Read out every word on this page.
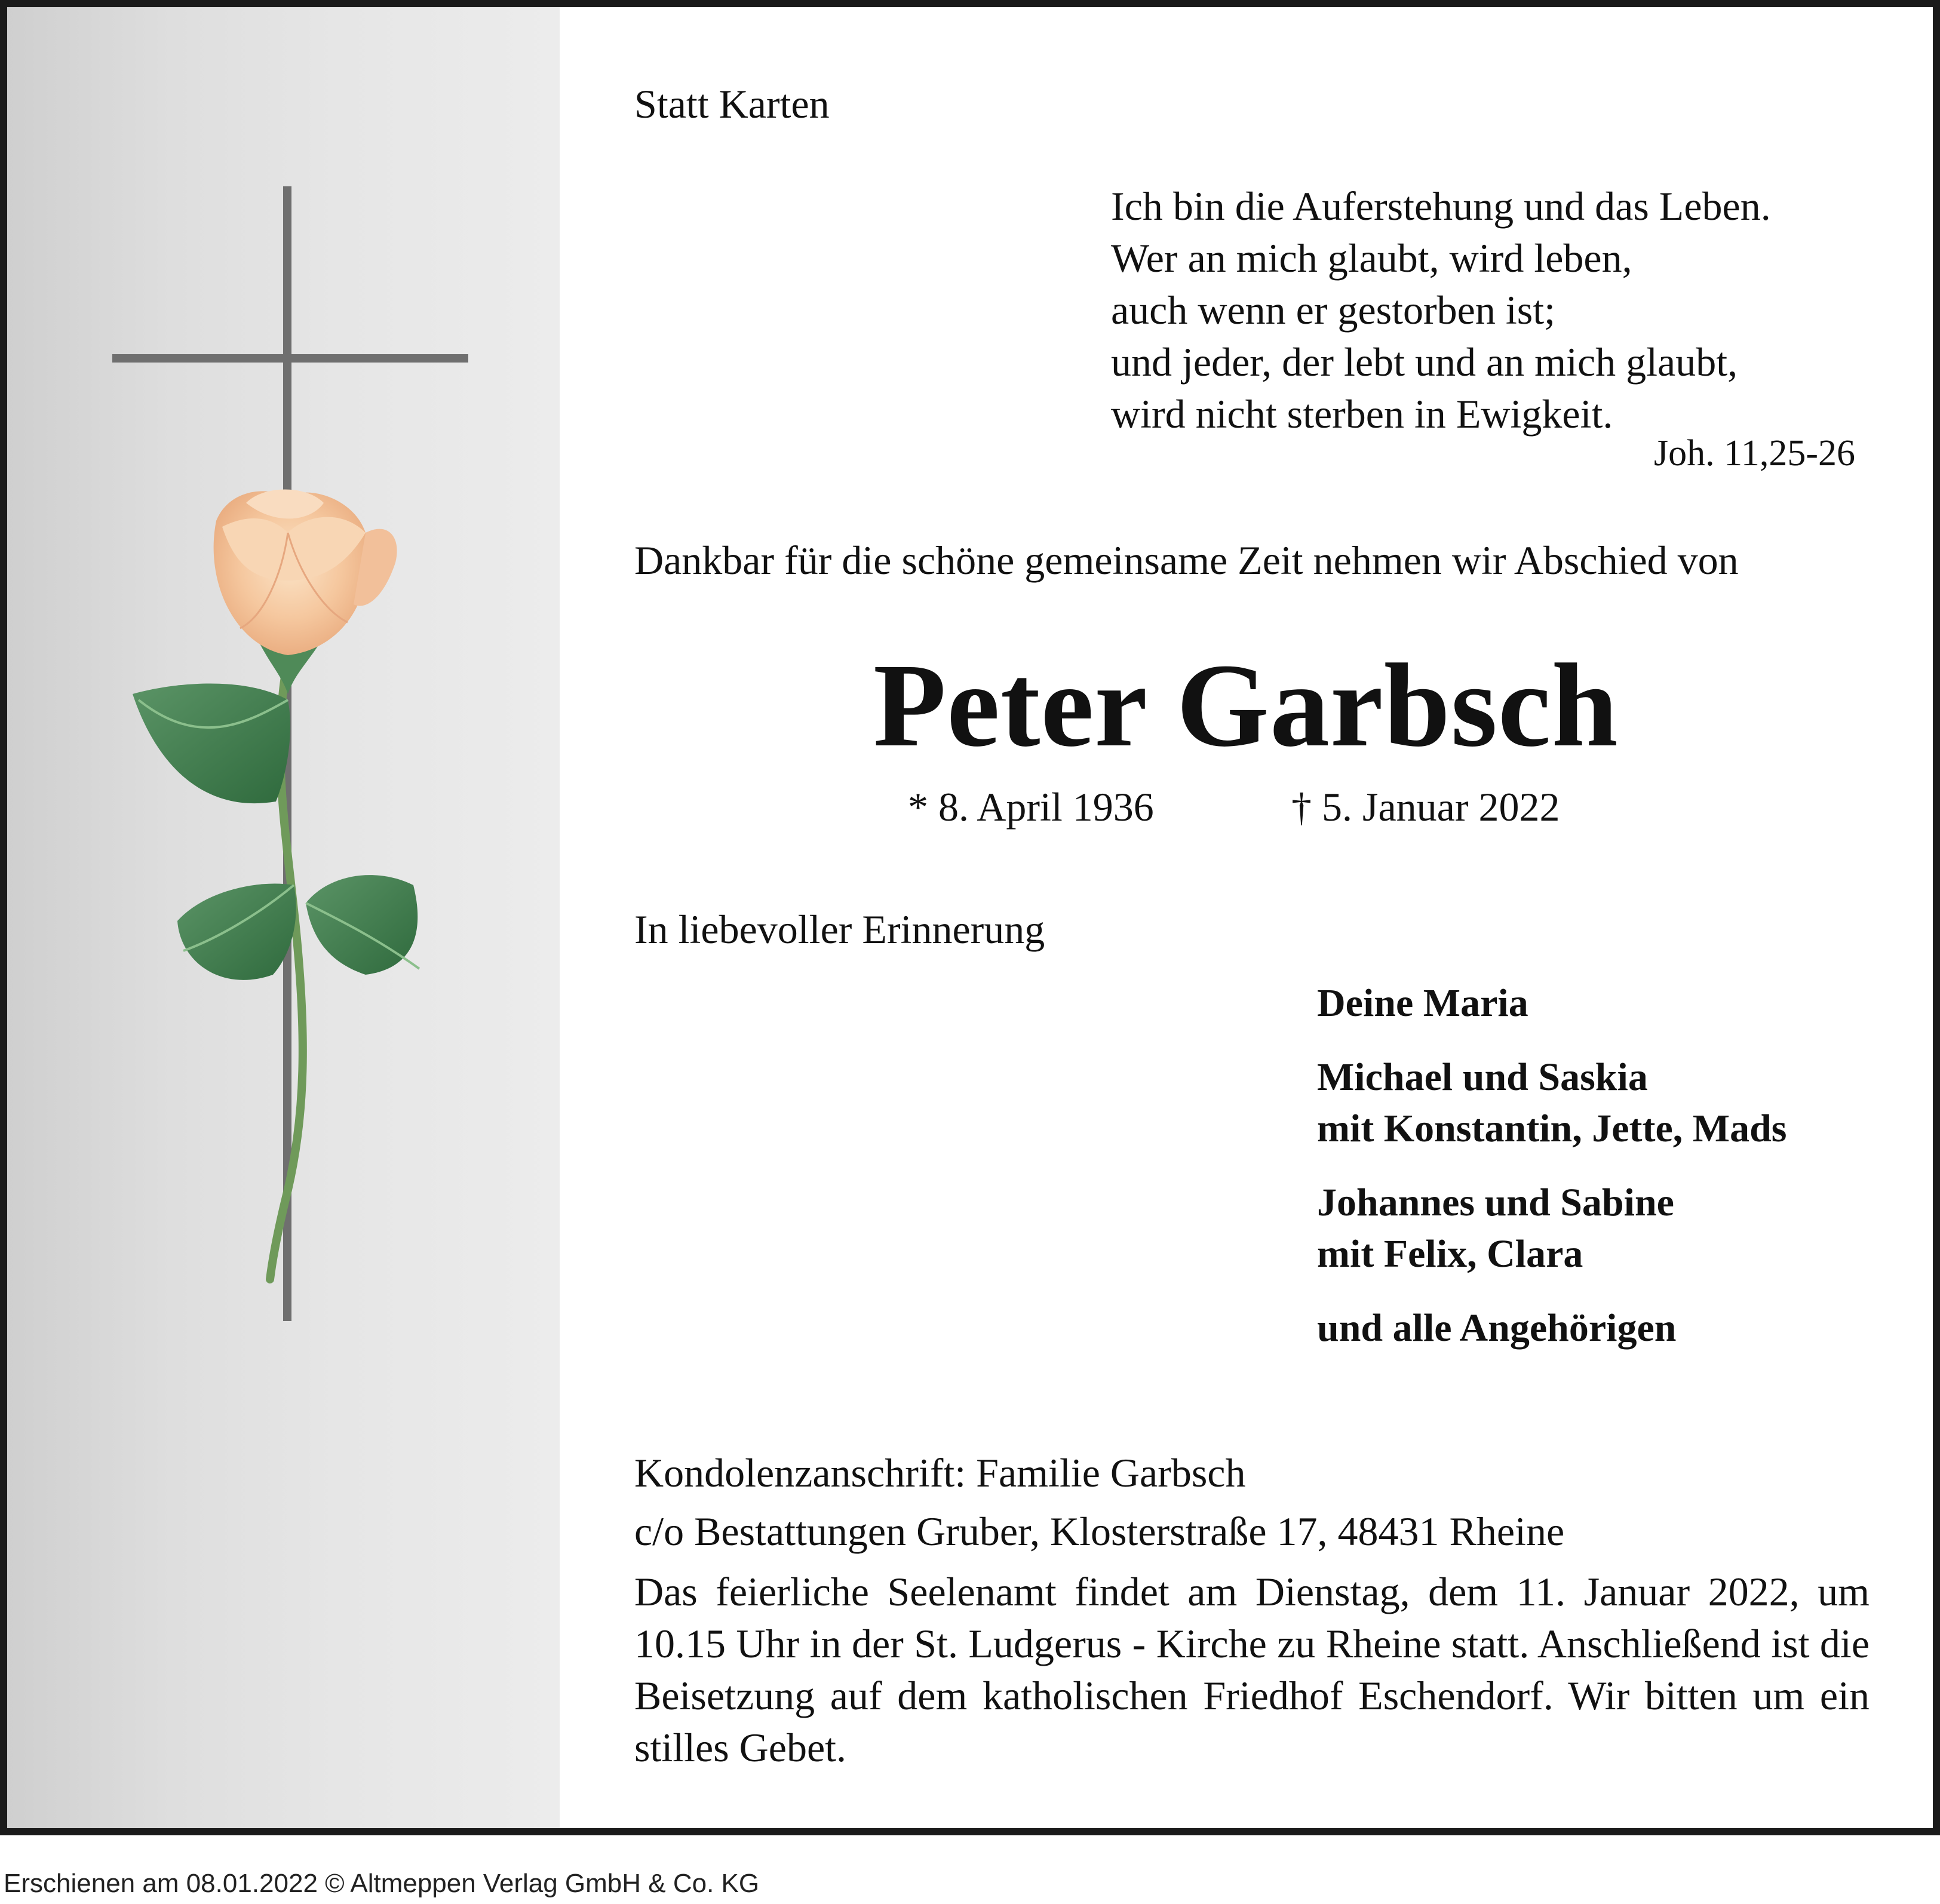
Statt Karten
Ich bin die Auferstehung und das Leben.
Wer an mich glaubt, wird leben,
auch wenn er gestorben ist;
und jeder, der lebt und an mich glaubt,
wird nicht sterben in Ewigkeit.
Joh. 11,25-26
Dankbar für die schöne gemeinsame Zeit nehmen wir Abschied von
Peter Garbsch
* 8. April 1936	† 5. Januar 2022
In liebevoller Erinnerung
Deine Maria
Michael und Saskia
mit Konstantin, Jette, Mads
Johannes und Sabine
mit Felix, Clara
und alle Angehörigen
Kondolenzanschrift: Familie Garbsch
c/o Bestattungen Gruber, Klosterstraße 17, 48431 Rheine
Das feierliche Seelenamt findet am Dienstag, dem 11. Januar 2022, um 10.15 Uhr in der St. Ludgerus - Kirche zu Rheine statt. Anschließend ist die Beisetzung auf dem katholischen Friedhof Eschendorf. Wir bitten um ein stilles Gebet.
Erschienen am 08.01.2022 © Altmeppen Verlag GmbH & Co. KG
